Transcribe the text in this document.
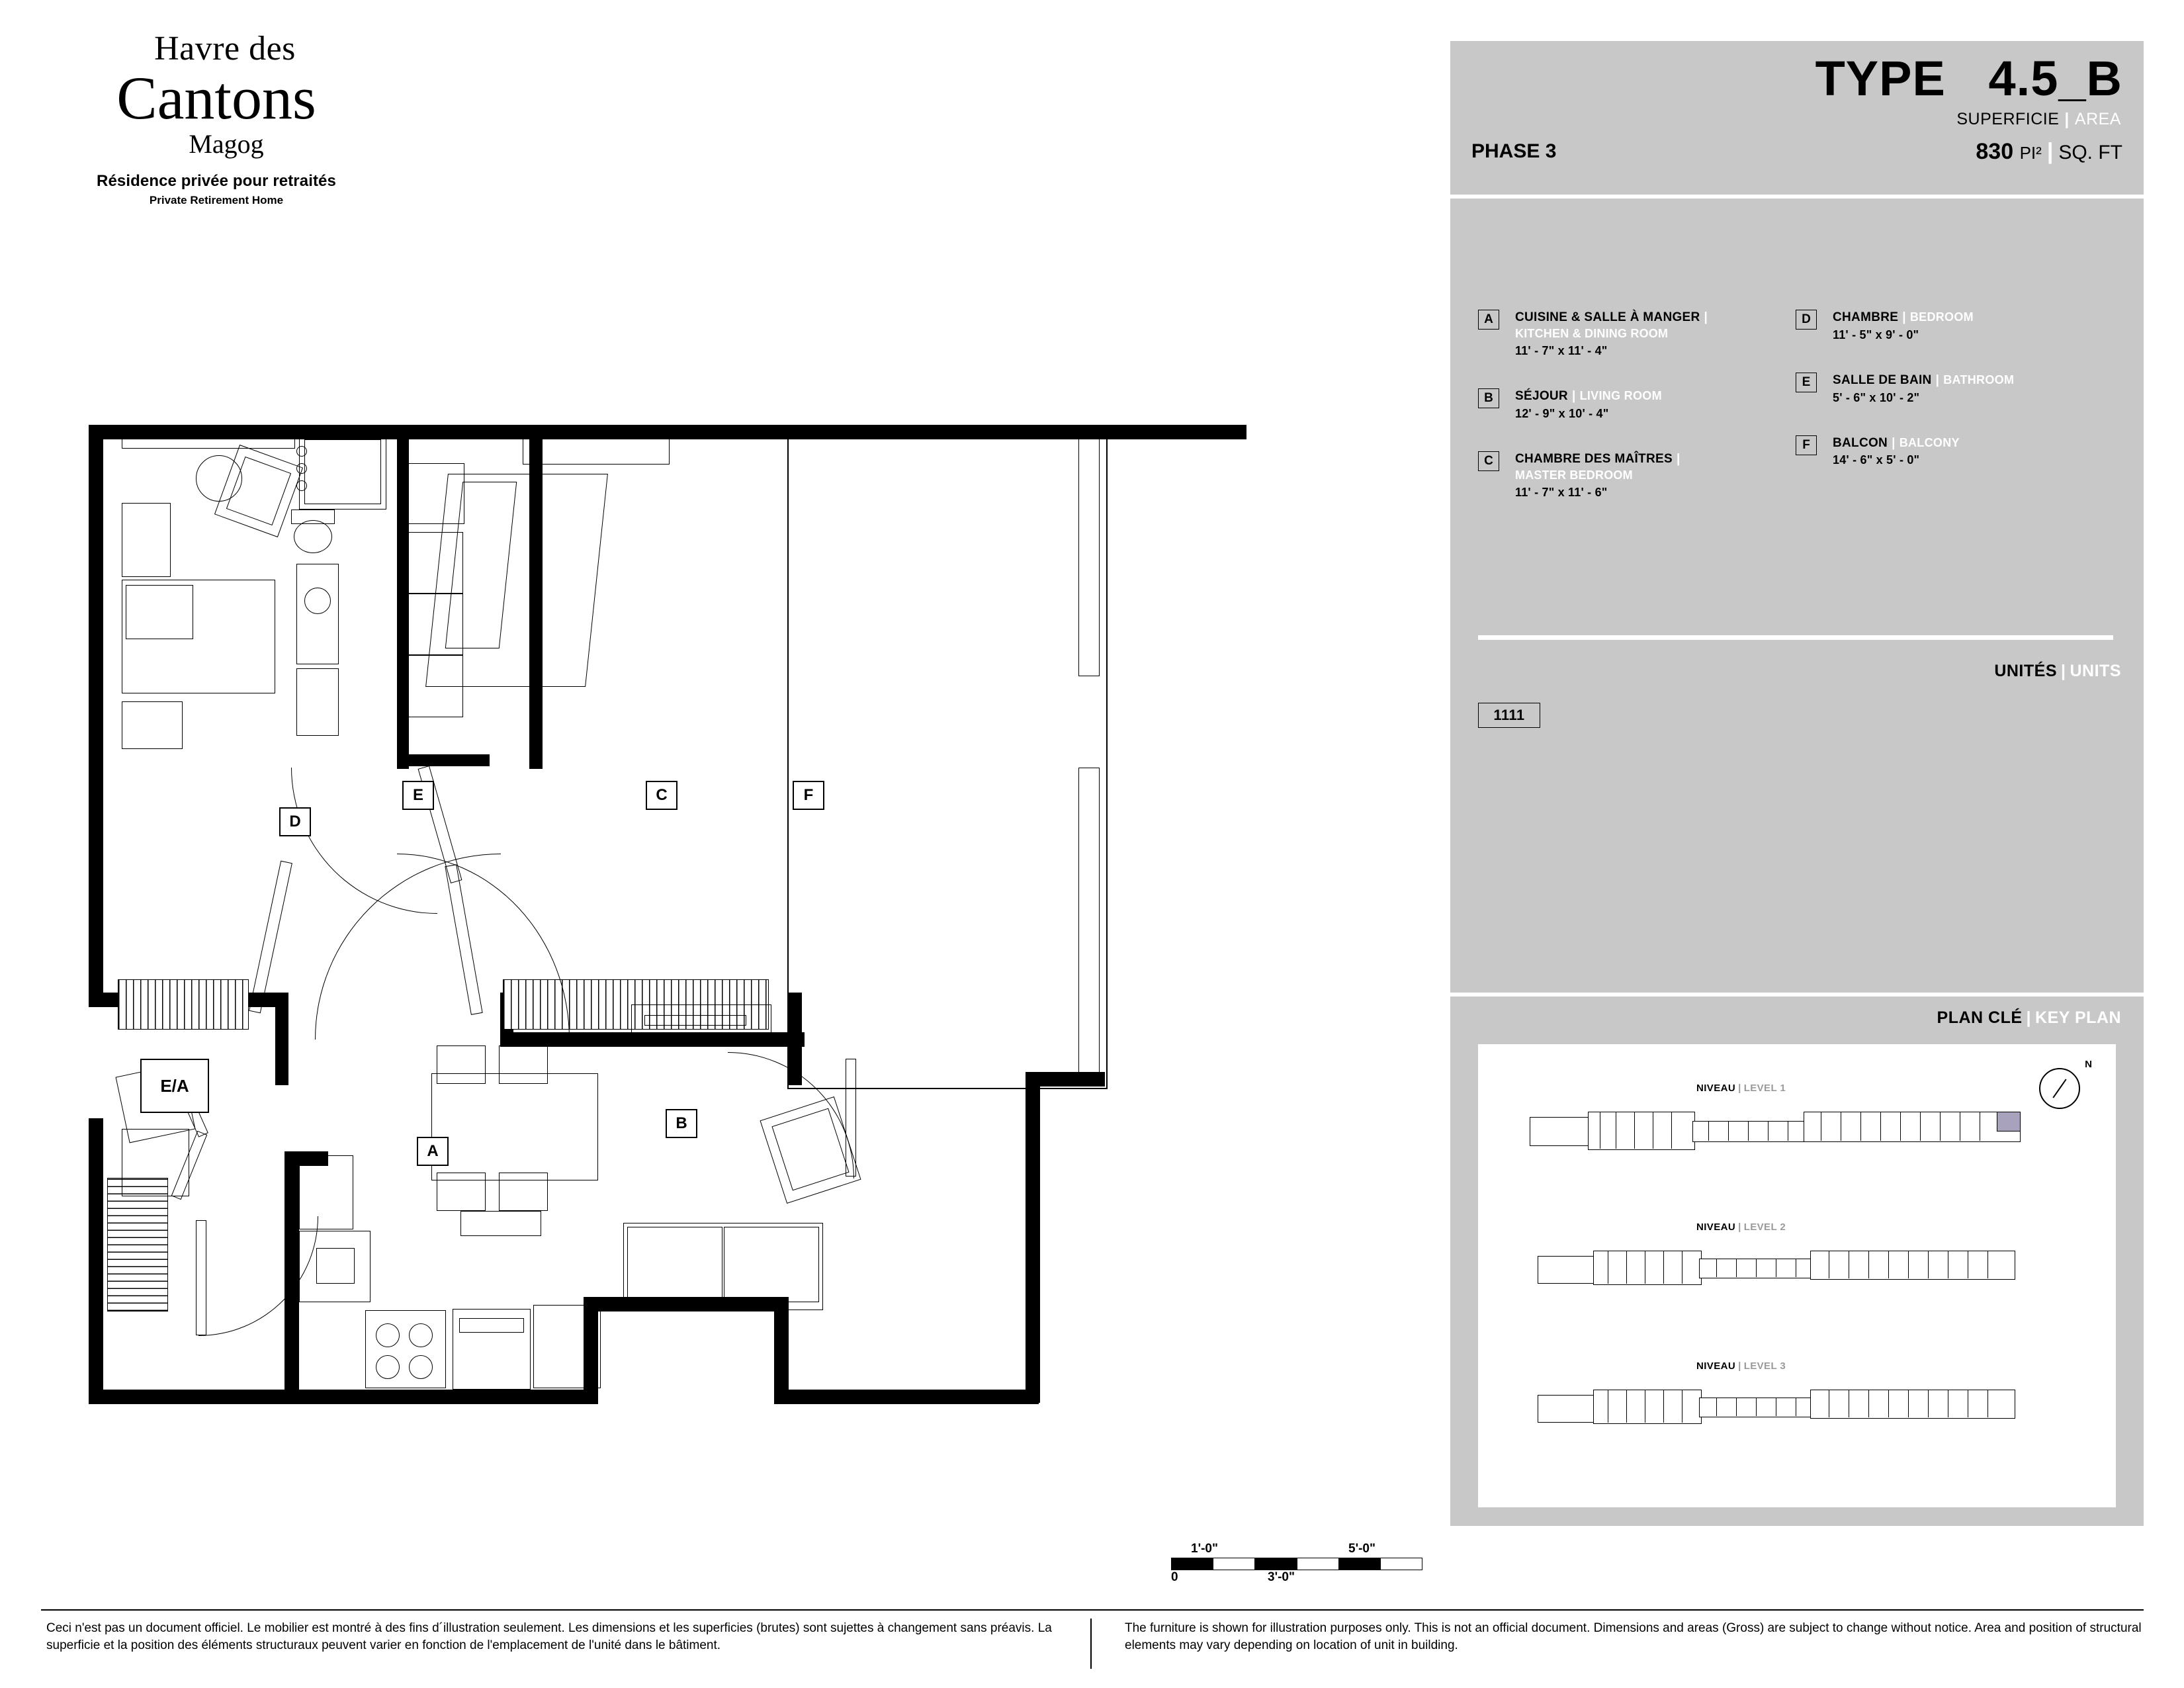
Havre des
Cantons
Magog
Résidence privée pour retraités
Private Retirement Home
TYPE 4.5_B
SUPERFICIE | AREA
830 PI² | SQ. FT
PHASE 3
A	CUISINE & SALLE À MANGER |
KITCHEN & DINING ROOM
11' - 7" x 11' - 4"
B	SÉJOUR | LIVING ROOM
12' - 9" x 10' - 4"
C	CHAMBRE DES MAÎTRES |
MASTER BEDROOM
11' - 7" x 11' - 6"
D	CHAMBRE | BEDROOM
11' - 5" x 9' - 0"
E	SALLE DE BAIN | BATHROOM
5' - 6" x 10' - 2"
F	BALCON | BALCONY
14' - 6" x 5' - 0"
UNITÉS | UNITS
1111
PLAN CLÉ | KEY PLAN
N
NIVEAU | LEVEL 1
NIVEAU | LEVEL 2
NIVEAU | LEVEL 3
D
E	C	F
B
A
E/A
1'-0"	5'-0"
0	3'-0"
Ceci n'est pas un document officiel. Le mobilier est montré à des fins d´illustration seulement. Les dimensions et les superficies (brutes) sont sujettes à changement sans préavis. La superficie et la position des éléments structuraux peuvent varier en fonction de l'emplacement de l'unité dans le bâtiment.
The furniture is shown for illustration purposes only. This is not an official document. Dimensions and areas (Gross) are subject to change without notice. Area and position of structural elements may vary depending on location of unit in building.
